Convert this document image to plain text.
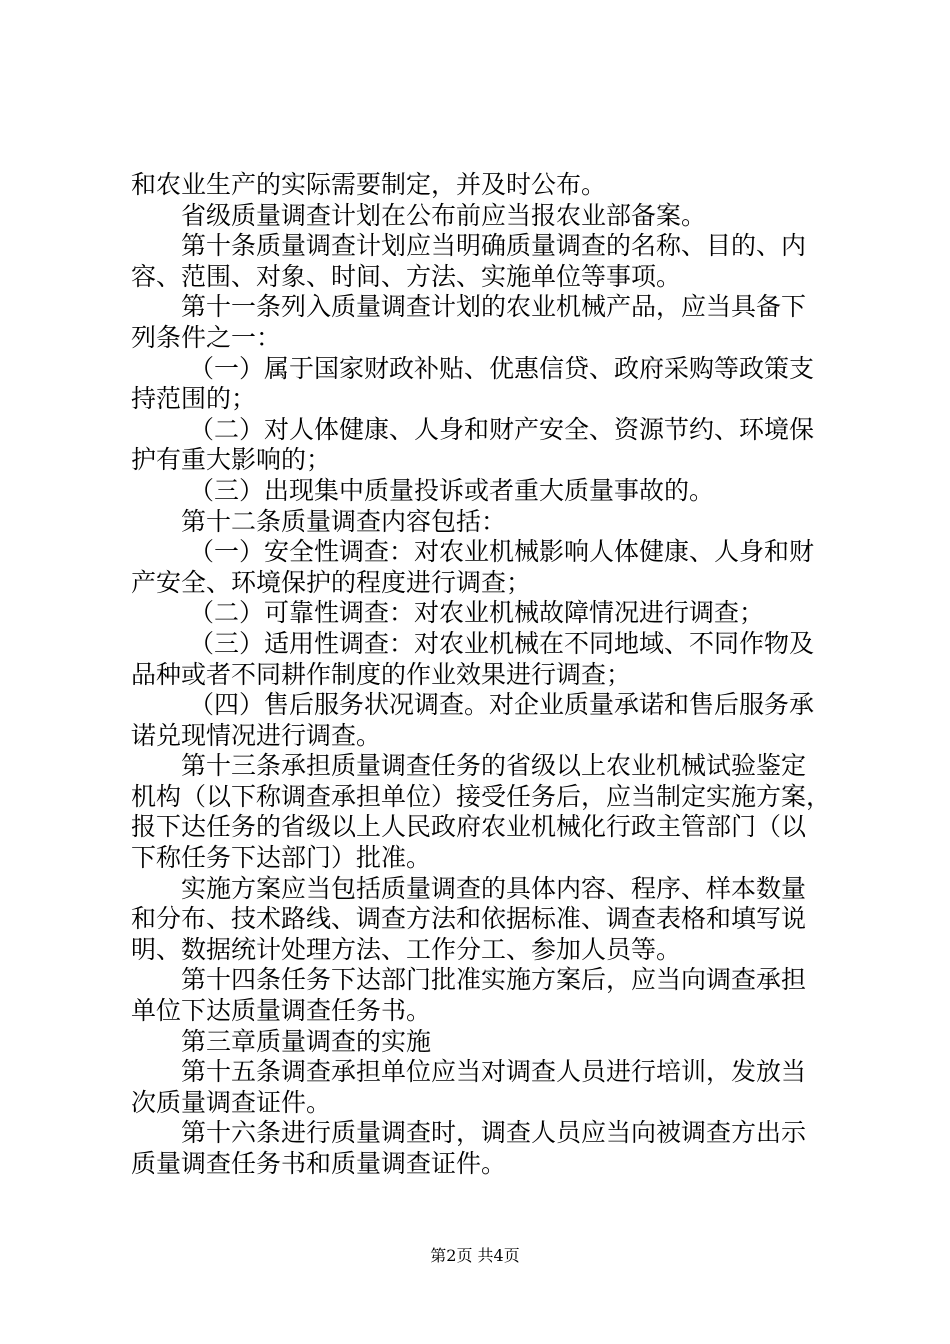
和农业生产的实际需要制定，并及时公布。
省级质量调查计划在公布前应当报农业部备案。
第十条质量调查计划应当明确质量调查的名称、目的、内
容、范围、对象、时间、方法、实施单位等事项。
第十一条列入质量调查计划的农业机械产品，应当具备下
列条件之一：
（一）属于国家财政补贴、优惠信贷、政府采购等政策支
持范围的；
（二）对人体健康、人身和财产安全、资源节约、环境保
护有重大影响的；
（三）出现集中质量投诉或者重大质量事故的。
第十二条质量调查内容包括：
（一）安全性调查：对农业机械影响人体健康、人身和财
产安全、环境保护的程度进行调查；
（二）可靠性调查：对农业机械故障情况进行调查；
（三）适用性调查：对农业机械在不同地域、不同作物及
品种或者不同耕作制度的作业效果进行调查；
（四）售后服务状况调查。对企业质量承诺和售后服务承
诺兑现情况进行调查。
第十三条承担质量调查任务的省级以上农业机械试验鉴定
机构（以下称调查承担单位）接受任务后，应当制定实施方案，
报下达任务的省级以上人民政府农业机械化行政主管部门（以
下称任务下达部门）批准。
实施方案应当包括质量调查的具体内容、程序、样本数量
和分布、技术路线、调查方法和依据标准、调查表格和填写说
明、数据统计处理方法、工作分工、参加人员等。
第十四条任务下达部门批准实施方案后，应当向调查承担
单位下达质量调查任务书。
第三章质量调查的实施
第十五条调查承担单位应当对调查人员进行培训，发放当
次质量调查证件。
第十六条进行质量调查时，调查人员应当向被调查方出示
质量调查任务书和质量调查证件。
第2页 共4页
